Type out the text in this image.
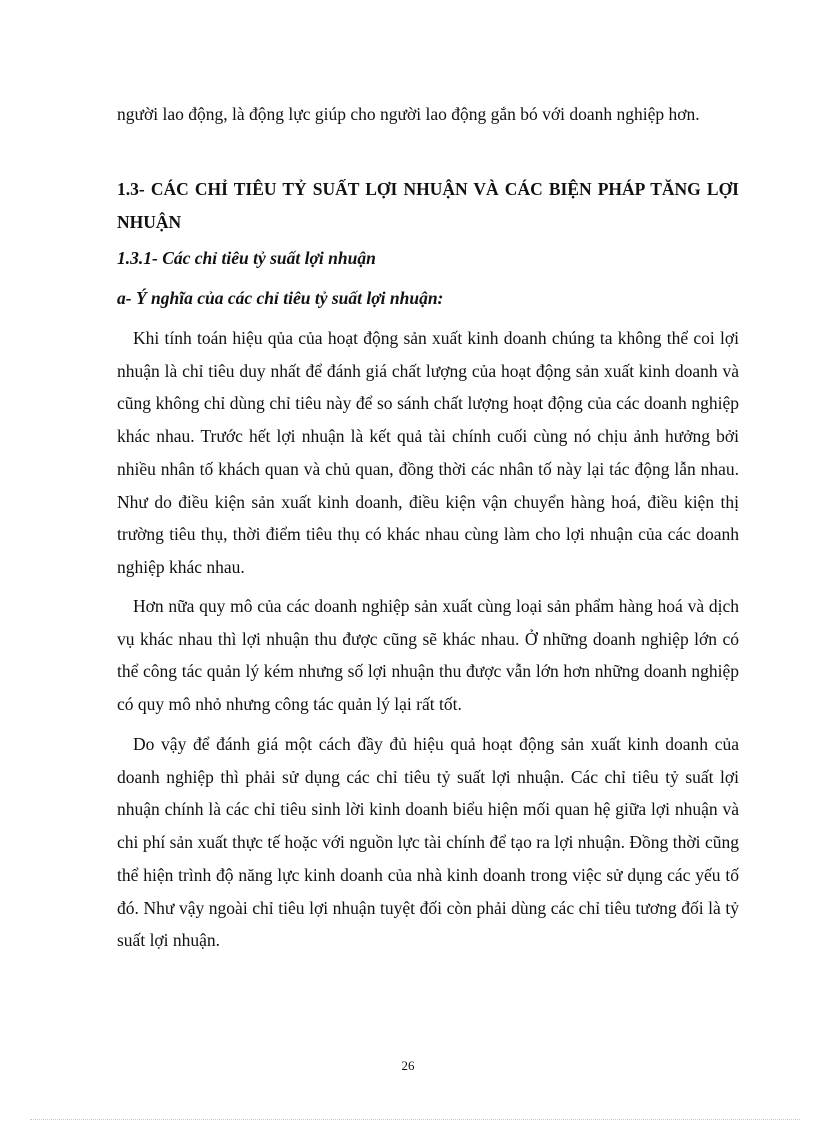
người lao động, là động lực giúp cho người lao động gắn bó với doanh nghiệp hơn.
1.3- CÁC CHỈ TIÊU TỶ SUẤT LỢI NHUẬN VÀ CÁC BIỆN PHÁP TĂNG LỢI NHUẬN
1.3.1- Các chỉ tiêu tỷ suất lợi nhuận
a- Ý nghĩa của các chỉ tiêu tỷ suất lợi nhuận:
Khi tính toán hiệu qủa của hoạt động sản xuất kinh doanh chúng ta không thể coi lợi nhuận là chỉ tiêu duy nhất để đánh giá chất lượng của hoạt động sản xuất kinh doanh và cũng không chỉ dùng chỉ tiêu này để so sánh chất lượng hoạt động của các doanh nghiệp khác nhau. Trước hết lợi nhuận là kết quả tài chính cuối cùng nó chịu ảnh hưởng bởi nhiều nhân tố khách quan và chủ quan, đồng thời các nhân tố này lại tác động lẫn nhau. Như do điều kiện sản xuất kinh doanh, điều kiện vận chuyển hàng hoá, điều kiện thị trường tiêu thụ, thời điểm tiêu thụ có khác nhau cùng làm cho lợi nhuận của các doanh nghiệp khác nhau.
Hơn nữa quy mô của các doanh nghiệp sản xuất cùng loại sản phẩm hàng hoá và dịch vụ khác nhau thì lợi nhuận thu được cũng sẽ khác nhau. Ở những doanh nghiệp lớn có thể công tác quản lý kém nhưng số lợi nhuận thu được vẫn lớn hơn những doanh nghiệp có quy mô nhỏ nhưng công tác quản lý lại rất tốt.
Do vậy để đánh giá một cách đầy đủ hiệu quả hoạt động sản xuất kinh doanh của doanh nghiệp thì phải sử dụng các chỉ tiêu tỷ suất lợi nhuận. Các chỉ tiêu tỷ suất lợi nhuận chính là các chỉ tiêu sinh lời kinh doanh biểu hiện mối quan hệ giữa lợi nhuận và chi phí sản xuất thực tế hoặc với nguồn lực tài chính để tạo ra lợi nhuận. Đồng thời cũng thể hiện trình độ năng lực kinh doanh của nhà kinh doanh trong việc sử dụng các yếu tố đó. Như vậy ngoài chỉ tiêu lợi nhuận tuyệt đối còn phải dùng các chỉ tiêu tương đối là tỷ suất lợi nhuận.
26
